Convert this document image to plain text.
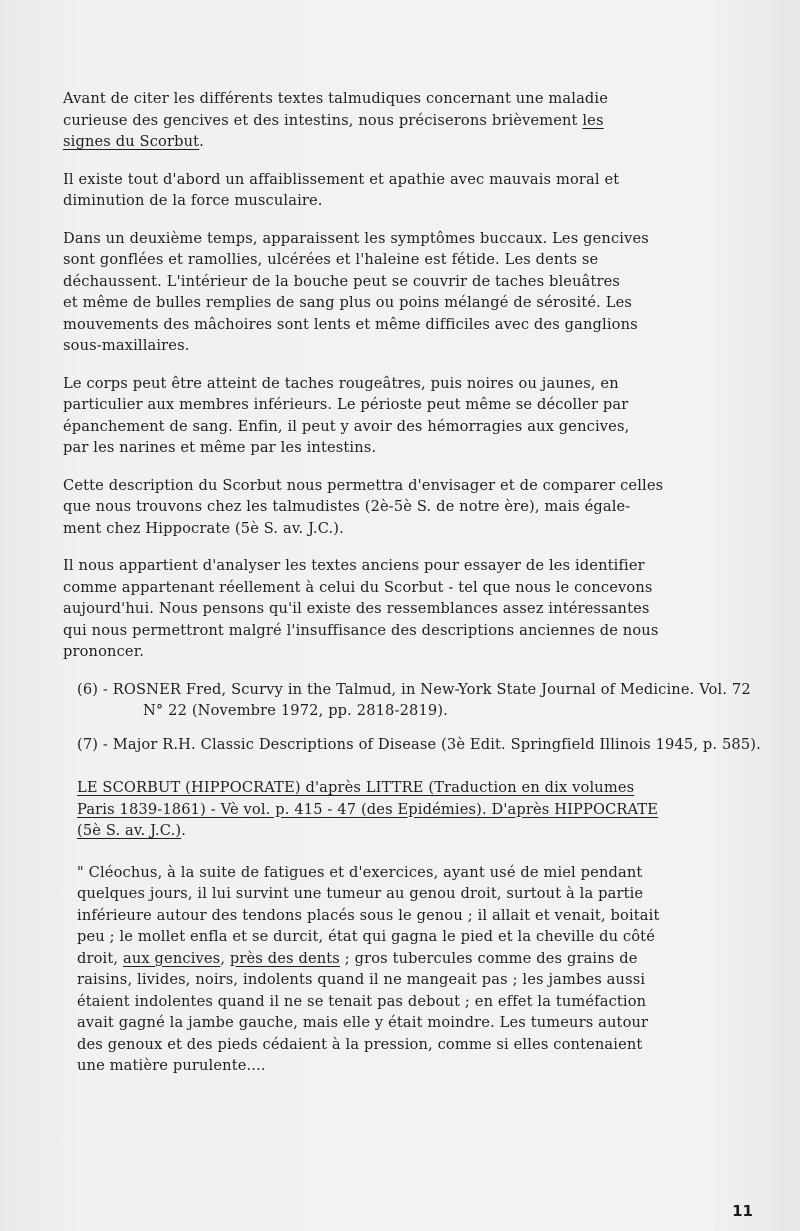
Avant de citer les différents textes talmudiques concernant une maladie
curieuse des gencives et des intestins, nous préciserons brièvement les
signes du Scorbut.

Il existe tout d'abord un affaiblissement et apathie avec mauvais moral et
diminution de la force musculaire.

Dans un deuxième temps, apparaissent les symptômes buccaux. Les gencives
sont gonflées et ramollies, ulcérées et l'haleine est fétide. Les dents se
déchaussent. L'intérieur de la bouche peut se couvrir de taches bleuâtres
et même de bulles remplies de sang plus ou poins mélangé de sérosité. Les
mouvements des mâchoires sont lents et même difficiles avec des ganglions
sous-maxillaires.

Le corps peut être atteint de taches rougeâtres, puis noires ou jaunes, en
particulier aux membres inférieurs. Le périoste peut même se décoller par
épanchement de sang. Enfin, il peut y avoir des hémorragies aux gencives,
par les narines et même par les intestins.

Cette description du Scorbut nous permettra d'envisager et de comparer celles
que nous trouvons chez les talmudistes (2è-5è S. de notre ère), mais égale-
ment chez Hippocrate (5è S. av. J.C.).

Il nous appartient d'analyser les textes anciens pour essayer de les identifier
comme appartenant réellement à celui du Scorbut - tel que nous le concevons
aujourd'hui. Nous pensons qu'il existe des ressemblances assez intéressantes
qui nous permettront malgré l'insuffisance des descriptions anciennes de nous
prononcer.

(6) - ROSNER Fred, Scurvy in the Talmud, in New-York State Journal of Medicine. Vol. 72 N° 22 (Novembre 1972, pp. 2818-2819).

(7) - Major R.H. Classic Descriptions of Disease (3è Edit. Springfield Illinois 1945, p. 585).

LE SCORBUT (HIPPOCRATE) d'après LITTRE (Traduction en dix volumes
Paris 1839-1861) - Vè vol. p. 415 - 47 (des Epidémies). D'après HIPPOCRATE
(5è S. av. J.C.).

" Cléochus, à la suite de fatigues et d'exercices, ayant usé de miel pendant
quelques jours, il lui survint une tumeur au genou droit, surtout à la partie
inférieure autour des tendons placés sous le genou ; il allait et venait, boitait
peu ; le mollet enfla et se durcit, état qui gagna le pied et la cheville du côté
droit, aux gencives, près des dents ; gros tubercules comme des grains de
raisins, livides, noirs, indolents quand il ne mangeait pas ; les jambes aussi
étaient indolentes quand il ne se tenait pas debout ; en effet la tuméfaction
avait gagné la jambe gauche, mais elle y était moindre. Les tumeurs autour
des genoux et des pieds cédaient à la pression, comme si elles contenaient
une matière purulente....

11
